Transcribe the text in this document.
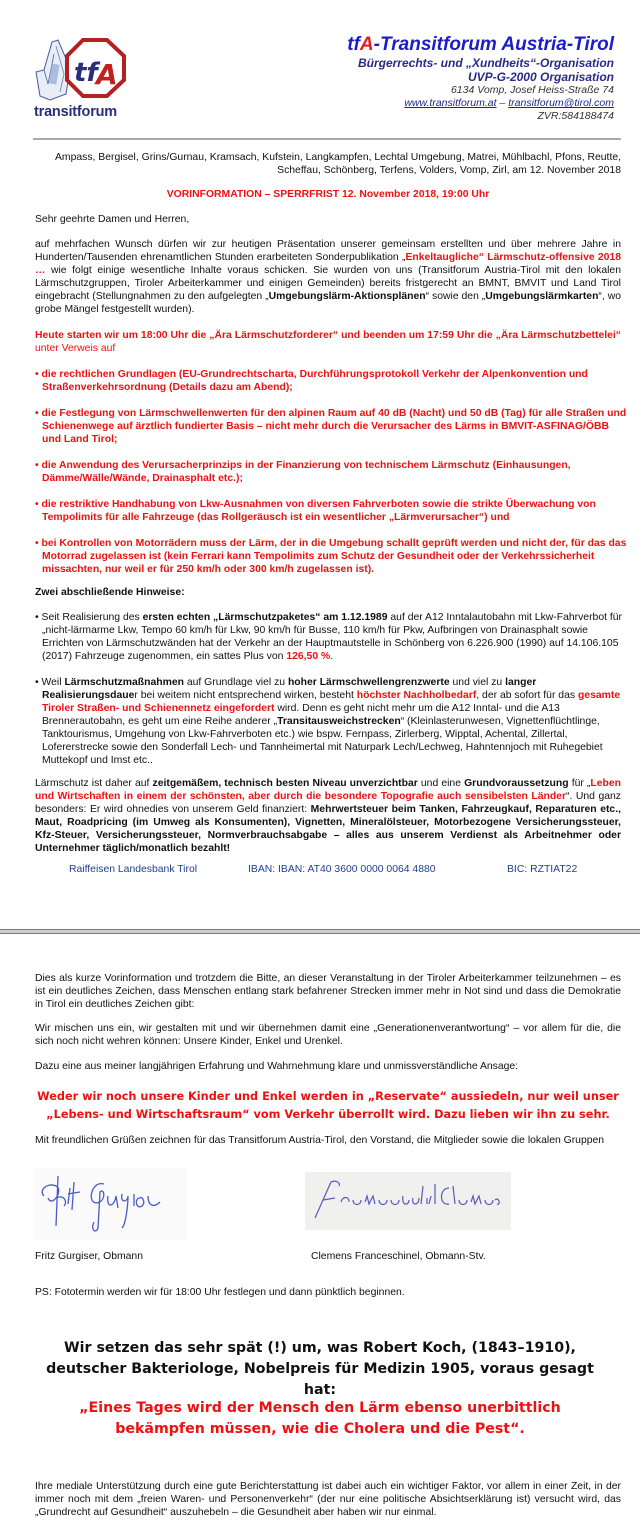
tf
A
transitforum
tfA-Transitforum Austria-Tirol
Bürgerrechts- und „Xundheits“-Organisation
UVP-G-2000 Organisation
6134 Vomp, Josef Heiss-Straße 74
www.transitforum.at – transitforum@tirol.com
ZVR:584188474
Ampass, Bergisel, Grins/Gurnau, Kramsach, Kufstein, Langkampfen, Lechtal Umgebung, Matrei, Mühlbachl, Pfons, Reutte, Scheffau, Schönberg, Terfens, Volders, Vomp, Zirl, am 12. November 2018
VORINFORMATION – SPERRFRIST 12. November 2018, 19:00 Uhr
Sehr geehrte Damen und Herren,
auf mehrfachen Wunsch dürfen wir zur heutigen Präsentation unserer gemeinsam erstellten und über mehrere Jahre in Hunderten/Tausenden ehrenamtlichen Stunden erarbeiteten Sonderpublikation „Enkeltaugliche“ Lärmschutz-offensive 2018 … wie folgt einige wesentliche Inhalte voraus schicken. Sie wurden von uns (Transitforum Austria-Tirol mit den lokalen Lärmschutzgruppen, Tiroler Arbeiterkammer und einigen Gemeinden) bereits fristgerecht an BMNT, BMVIT und Land Tirol eingebracht (Stellungnahmen zu den aufgelegten „Umgebungslärm-Aktionsplänen“ sowie den „Umgebungslärmkarten“, wo grobe Mängel festgestellt wurden).
Heute starten wir um 18:00 Uhr die „Ära Lärmschutzforderer“ und beenden um 17:59 Uhr die „Ära Lärmschutzbettelei“ unter Verweis auf
• die rechtlichen Grundlagen (EU-Grundrechtscharta, Durchführungsprotokoll Verkehr der Alpenkonvention und Straßenverkehrsordnung (Details dazu am Abend);
• die Festlegung von Lärmschwellenwerten für den alpinen Raum auf 40 dB (Nacht) und 50 dB (Tag) für alle Straßen und Schienenwege auf ärztlich fundierter Basis – nicht mehr durch die Verursacher des Lärms in BMVIT-ASFINAG/ÖBB und Land Tirol;
• die Anwendung des Verursacherprinzips in der Finanzierung von technischem Lärmschutz (Einhausungen, Dämme/Wälle/Wände, Drainasphalt etc.);
• die restriktive Handhabung von Lkw-Ausnahmen von diversen Fahrverboten sowie die strikte Überwachung von Tempolimits für alle Fahrzeuge (das Rollgeräusch ist ein wesentlicher „Lärmverursacher“) und
• bei Kontrollen von Motorrädern muss der Lärm, der in die Umgebung schallt geprüft werden und nicht der, für das das Motorrad zugelassen ist (kein Ferrari kann Tempolimits zum Schutz der Gesundheit oder der Verkehrssicherheit missachten, nur weil er für 250 km/h oder 300 km/h zugelassen ist).
Zwei abschließende Hinweise:
• Seit Realisierung des ersten echten „Lärmschutzpaketes“ am 1.12.1989 auf der A12 Inntalautobahn mit Lkw-Fahrverbot für „nicht-lärmarme Lkw, Tempo 60 km/h für Lkw, 90 km/h für Busse, 110 km/h für Pkw, Aufbringen von Drainasphalt sowie Errichten von Lärmschutzwänden hat der Verkehr an der Hauptmautstelle in Schönberg von 6.226.900 (1990) auf 14.106.105 (2017) Fahrzeuge zugenommen, ein sattes Plus von 126,50 %.
• Weil Lärmschutzmaßnahmen auf Grundlage viel zu hoher Lärmschwellengrenzwerte und viel zu langer Realisierungsdauer bei weitem nicht entsprechend wirken, besteht höchster Nachholbedarf, der ab sofort für das gesamte Tiroler Straßen- und Schienennetz eingefordert wird. Denn es geht nicht mehr um die A12 Inntal- und die A13 Brennerautobahn, es geht um eine Reihe anderer „Transitausweichstrecken“ (Kleinlasterunwesen, Vignettenflüchtlinge, Tanktourismus, Umgehung von Lkw-Fahrverboten etc.) wie bspw. Fernpass, Zirlerberg, Wipptal, Achental, Zillertal, Lofererstrecke sowie den Sonderfall Lech- und Tannheimertal mit Naturpark Lech/Lechweg, Hahntennjoch mit Ruhegebiet Muttekopf und Imst etc..
Lärmschutz ist daher auf zeitgemäßem, technisch besten Niveau unverzichtbar und eine Grundvoraussetzung für „Leben und Wirtschaften in einem der schönsten, aber durch die besondere Topografie auch sensibelsten Länder“. Und ganz besonders: Er wird ohnedies von unserem Geld finanziert: Mehrwertsteuer beim Tanken, Fahrzeugkauf, Reparaturen etc., Maut, Roadpricing (im Umweg als Konsumenten), Vignetten, Mineralölsteuer, Motorbezogene Versicherungssteuer, Kfz-Steuer, Versicherungssteuer, Normverbrauchsabgabe – alles aus unserem Verdienst als Arbeitnehmer oder Unternehmer täglich/monatlich bezahlt!
Raiffeisen Landesbank Tirol	IBAN: IBAN: AT40 3600 0000 0064 4880	BIC: RZTIAT22
Dies als kurze Vorinformation und trotzdem die Bitte, an dieser Veranstaltung in der Tiroler Arbeiterkammer teilzunehmen – es ist ein deutliches Zeichen, dass Menschen entlang stark befahrener Strecken immer mehr in Not sind und dass die Demokratie in Tirol ein deutliches Zeichen gibt:
Wir mischen uns ein, wir gestalten mit und wir übernehmen damit eine „Generationenverantwortung“ – vor allem für die, die sich noch nicht wehren können: Unsere Kinder, Enkel und Urenkel.
Dazu eine aus meiner langjährigen Erfahrung und Wahrnehmung klare und unmissverständliche Ansage:
Weder wir noch unsere Kinder und Enkel werden in „Reservate“ aussiedeln, nur weil unser „Lebens- und Wirtschaftsraum“ vom Verkehr überrollt wird. Dazu lieben wir ihn zu sehr.
Mit freundlichen Grüßen zeichnen für das Transitforum Austria-Tirol, den Vorstand, die Mitglieder sowie die lokalen Gruppen
Fritz Gurgiser, Obmann	Clemens Franceschinel, Obmann-Stv.
PS: Fototermin werden wir für 18:00 Uhr festlegen und dann pünktlich beginnen.
Wir setzen das sehr spät (!) um, was Robert Koch, (1843–1910), deutscher Bakteriologe, Nobelpreis für Medizin 1905, voraus gesagt hat:
„Eines Tages wird der Mensch den Lärm ebenso unerbittlich bekämpfen müssen, wie die Cholera und die Pest“.
Ihre mediale Unterstützung durch eine gute Berichterstattung ist dabei auch ein wichtiger Faktor, vor allem in einer Zeit, in der immer noch mit dem „freien Waren- und Personenverkehr“ (der nur eine politische Absichtserklärung ist) versucht wird, das „Grundrecht auf Gesundheit“ auszuhebeln – die Gesundheit aber haben wir nur einmal.
